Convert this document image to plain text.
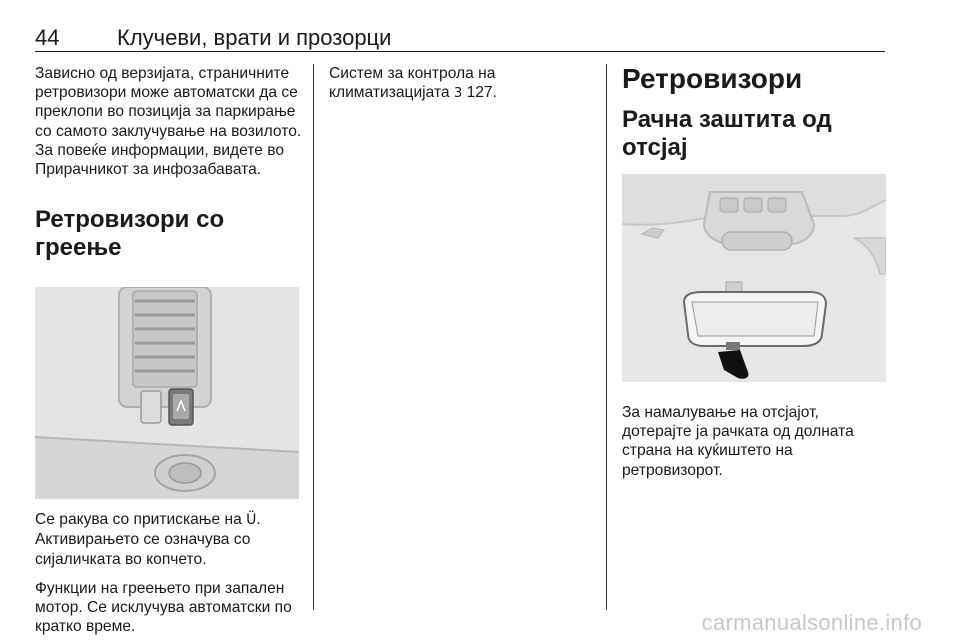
44	Клучеви, врати и прозорци

Зависно од верзијата, страничните ретровизори може автоматски да се преклопи во позиција за паркирање со самото заклучување на возилото. За повеќе информации, видете во Прирачникот за инфозабавата.

Ретровизори со греење

Се ракува со притискање на Ü. Активирањето се означува со сијаличката во копчето.

Функции на греењето при запален мотор. Се исклучува автоматски по кратко време.

Систем за контрола на климатизацијата 3 127.	Ретровизори
Рачна заштита од отсјај

За намалување на отсјајот, дотерајте ја рачката од долната страна на куќиштето на ретровизорот.

carmanualsonline.info
